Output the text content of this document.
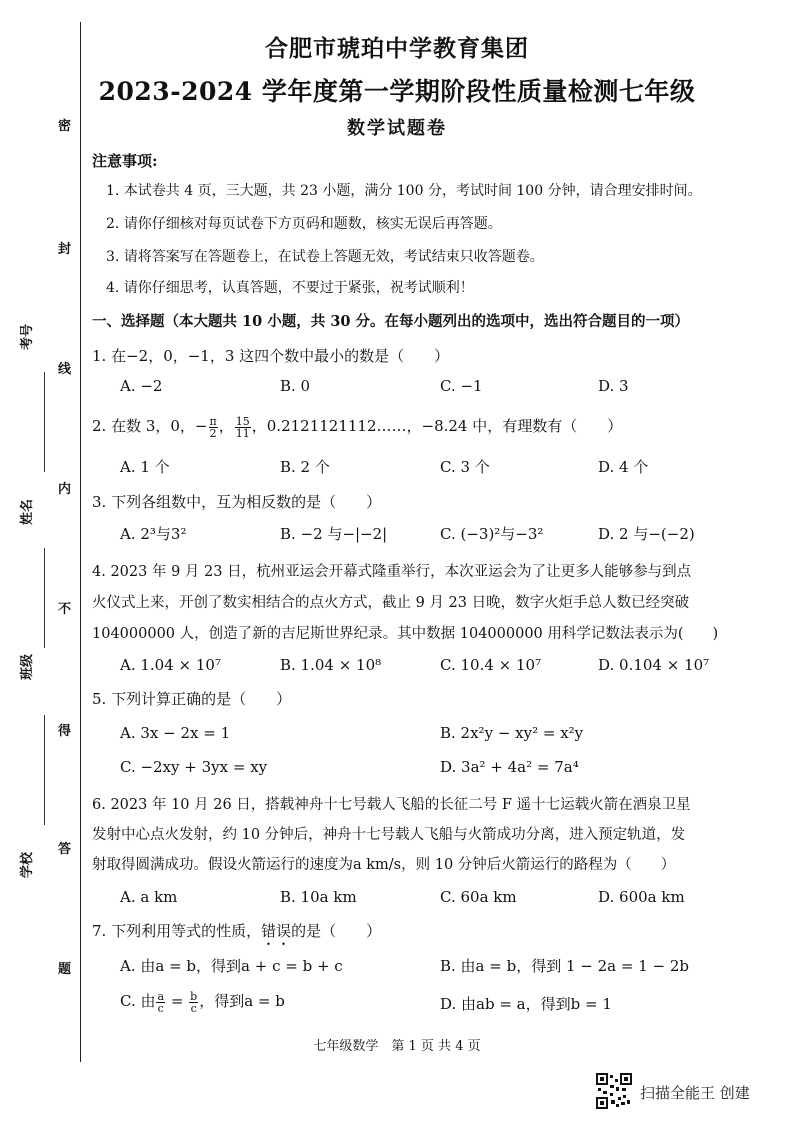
密
封
线
内
不
得
答
题
考号
姓名
班级
学校
合肥市琥珀中学教育集团
2023-2024 学年度第一学期阶段性质量检测七年级
数学试题卷
注意事项:
1. 本试卷共 4 页，三大题，共 23 小题，满分 100 分，考试时间 100 分钟，请合理安排时间。
2. 请你仔细核对每页试卷下方页码和题数，核实无误后再答题。
3. 请将答案写在答题卷上，在试卷上答题无效，考试结束只收答题卷。
4. 请你仔细思考，认真答题，不要过于紧张，祝考试顺利！
一、选择题（本大题共 10 小题，共 30 分。在每小题列出的选项中，选出符合题目的一项）
1. 在−2，0，−1，3 这四个数中最小的数是（　　）
A. −2	B. 0	C. −1	D. 3
2. 在数 3，0，− $\frac{\pi}{2}$ ， $\frac{15}{11}$ ，0.2121121112……，−8.24 中，有理数有（　　）
A. 1 个	B. 2 个	C. 3 个	D. 4 个
3. 下列各组数中，互为相反数的是（　　）
A. 2³与3²	B. −2 与−|−2|	C. (−3)²与−3²	D. 2 与−(−2)
4. 2023 年 9 月 23 日，杭州亚运会开幕式隆重举行，本次亚运会为了让更多人能够参与到点
火仪式上来，开创了数实相结合的点火方式，截止 9 月 23 日晚，数字火炬手总人数已经突破
104000000 人，创造了新的吉尼斯世界纪录。其中数据 104000000 用科学记数法表示为(　　)
A. 1.04 × 10⁷	B. 1.04 × 10⁸	C. 10.4 × 10⁷	D. 0.104 × 10⁷
5. 下列计算正确的是（　　）
A. 3x − 2x = 1	B. 2x²y − xy² = x²y
C. −2xy + 3yx = xy	D. 3a² + 4a² = 7a⁴
6. 2023 年 10 月 26 日，搭载神舟十七号载人飞船的长征二号 F 遥十七运载火箭在酒泉卫星
发射中心点火发射，约 10 分钟后，神舟十七号载人飞船与火箭成功分离，进入预定轨道，发
射取得圆满成功。假设火箭运行的速度为a km/s，则 10 分钟后火箭运行的路程为（　　）
A. a km	B. 10a km	C. 60a km	D. 600a km
7. 下列利用等式的性质，错误的是（　　）
A. 由a = b，得到a + c = b + c	B. 由a = b，得到 1 − 2a = 1 − 2b
C. 由 $\frac{a}{c} = \frac{b}{c}$ ，得到a = b	D. 由ab = a，得到b = 1
七年级数学　第 1 页 共 4 页
扫描全能王 创建
